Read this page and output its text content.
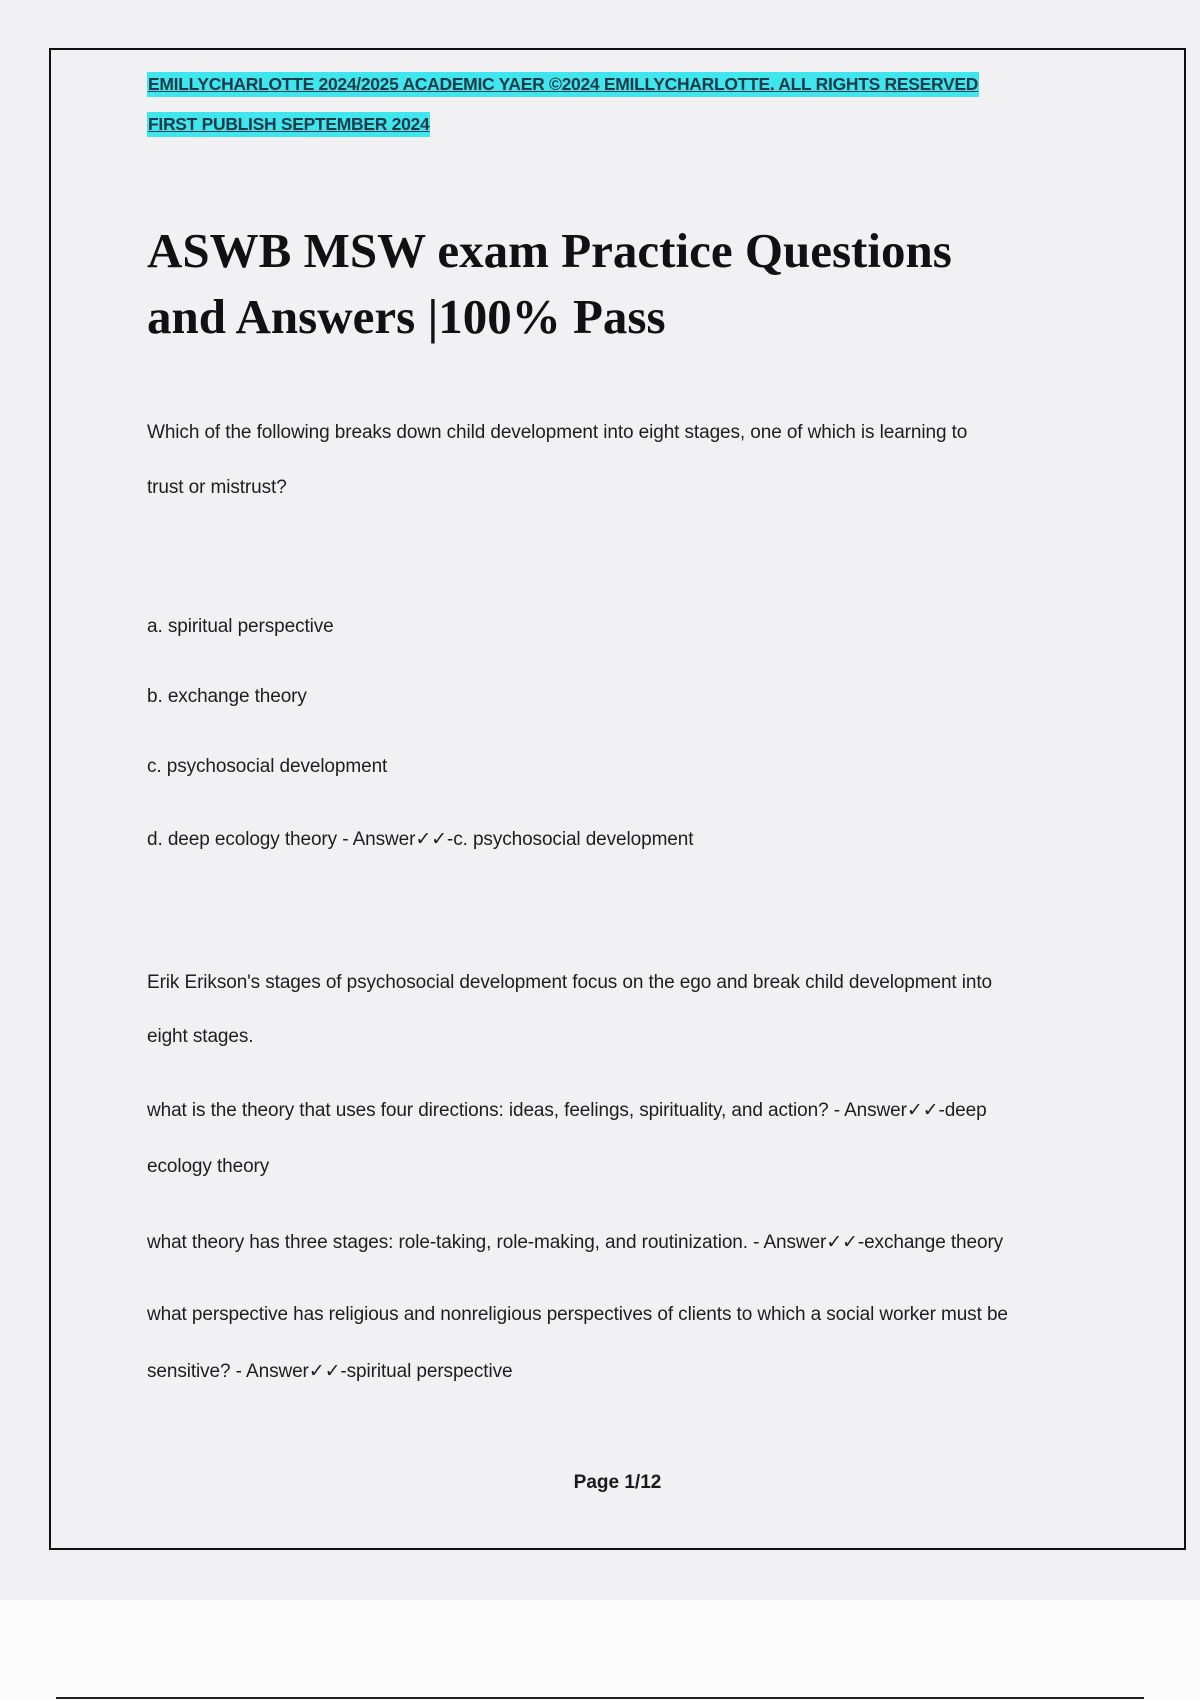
EMILLYCHARLOTTE 2024/2025 ACADEMIC YAER ©2024 EMILLYCHARLOTTE. ALL RIGHTS RESERVED
FIRST PUBLISH SEPTEMBER 2024
ASWB MSW exam Practice Questions
and Answers |100% Pass
Which of the following breaks down child development into eight stages, one of which is learning to
trust or mistrust?
a. spiritual perspective
b. exchange theory
c. psychosocial development
d. deep ecology theory - Answer✓✓-c. psychosocial development
Erik Erikson's stages of psychosocial development focus on the ego and break child development into
eight stages.
what is the theory that uses four directions: ideas, feelings, spirituality, and action? - Answer✓✓-deep
ecology theory
what theory has three stages: role-taking, role-making, and routinization. - Answer✓✓-exchange theory
what perspective has religious and nonreligious perspectives of clients to which a social worker must be
sensitive? - Answer✓✓-spiritual perspective
Page 1/12
